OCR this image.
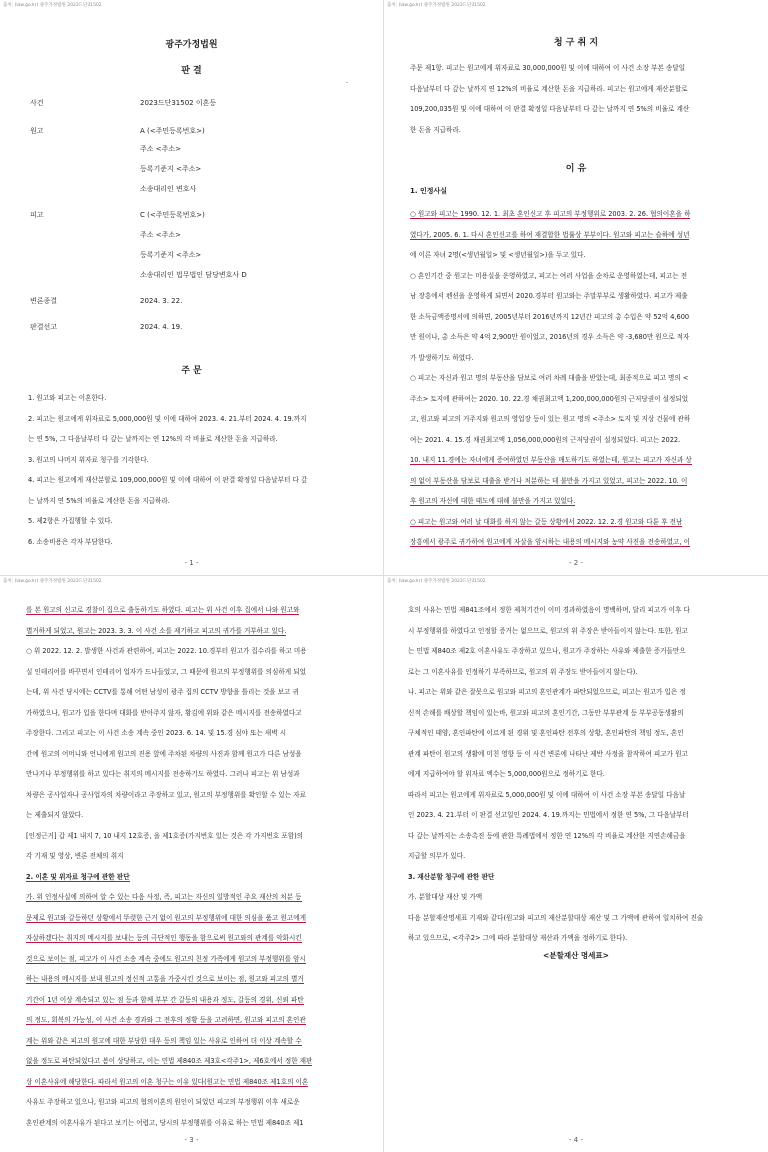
출처: (law.go.kr) 광주가정법원 2023드단31502
광주가정법원
판 결
.
사건	2023드단31502 이혼등
원고	A (<주민등록번호>)
주소 <주소>
등록기준지 <주소>
소송대리인 변호사
피고	C (<주민등록번호>)
주소 <주소>
등록기준지 <주소>
소송대리인 법무법인 담당변호사 D
변론종결	2024. 3. 22.
판결선고	2024. 4. 19.
주 문
1. 원고와 피고는 이혼한다.
2. 피고는 원고에게 위자료로 5,000,000원 및 이에 대하여 2023. 4. 21.부터 2024. 4. 19.까지
는 연 5%, 그 다음날부터 다 갚는 날까지는 연 12%의 각 비율로 계산한 돈을 지급하라.
3. 원고의 나머지 위자료 청구를 기각한다.
4. 피고는 원고에게 재산분할로 109,000,000원 및 이에 대하여 이 판결 확정일 다음날부터 다 갚
는 날까지 연 5%의 비율로 계산한 돈을 지급하라.
5. 제2항은 가집행할 수 있다.
6. 소송비용은 각자 부담한다.
- 1 -
출처: (law.go.kr) 광주가정법원 2023드단31502
청 구 취 지
주문 제1항. 피고는 원고에게 위자료로 30,000,000원 및 이에 대하여 이 사건 소장 부본 송달일
다음날부터 다 갚는 날까지 연 12%의 비율로 계산한 돈을 지급하라. 피고는 원고에게 재산분할로
109,200,035원 및 이에 대하여 이 판결 확정일 다음날부터 다 갚는 날까지 연 5%의 비율로 계산
한 돈을 지급하라.
이 유
1. 인정사실
○ 원고와 피고는 1990. 12. 1. 최초 혼인신고 후 피고의 부정행위로 2003. 2. 26. 협의이혼을 하
였다가, 2005. 6. 1. 다시 혼인신고를 하여 재결합한 법률상 부부이다. 원고와 피고는 슬하에 성년
에 이른 자녀 2명(<생년월일> 및 <생년월일>)을 두고 있다.
○ 혼인기간 중 원고는 미용실을 운영하였고, 피고는 여러 사업을 순차로 운영하였는데, 피고는 전
남 장흥에서 펜션을 운영하게 되면서 2020.경부터 원고와는 주말부부로 생활하였다. 피고가 제출
한 소득금액증명서에 의하면, 2005년부터 2016년까지 12년간 피고의 총 수입은 약 52억 4,600
만 원이나, 총 소득은 약 4억 2,900만 원이었고, 2016년의 경우 소득은 약 -3,680만 원으로 적자
가 발생하기도 하였다.
○ 피고는 자신과 원고 명의 부동산을 담보로 여러 차례 대출을 받았는데, 최종적으로 피고 명의 <
주소> 토지에 관하여는 2020. 10. 22.경 채권최고액 1,200,000,000원의 근저당권이 설정되었
고, 원고와 피고의 거주지와 원고의 영업장 등이 있는 원고 명의 <주소> 토지 및 지상 건물에 관하
여는 2021. 4. 15.경 채권최고액 1,056,000,000원의 근저당권이 설정되었다. 피고는 2022.
10. 내지 11.경에는 자녀에게 증여하였던 부동산을 매도하기도 하였는데, 원고는 피고가 자신과 상
의 없이 부동산을 담보로 대출을 받거나 처분하는 데 불만을 가지고 있었고, 피고는 2022. 10. 이
후 원고의 자신에 대한 태도에 대해 불만을 가지고 있었다.
○ 피고는 원고와 여러 날 대화를 하지 않는 갈등 상황에서 2022. 12. 2.경 원고와 다툰 후 전남
장흥에서 광주로 귀가하여 원고에게 자살을 암시하는 내용의 메시지와 농약 사진을 전송하였고, 이
- 2 -
출처: (law.go.kr) 광주가정법원 2023드단31502
를 본 원고의 신고로 경찰이 집으로 출동하기도 하였다. 피고는 위 사건 이후 집에서 나와 원고와
별거하게 되었고, 원고는 2023. 3. 3. 이 사건 소를 제기하고 피고의 귀가를 거부하고 있다.
○ 위 2022. 12. 2. 발생한 사건과 관련하여, 피고는 2022. 10.경부터 원고가 집수리를 하고 미용
실 인테리어를 바꾸면서 인테리어 업자가 드나들었고, 그 때문에 원고의 부정행위를 의심하게 되었
는데, 위 사건 당시에는 CCTV를 통해 어떤 남성이 광주 집의 CCTV 방향을 틀리는 것을 보고 귀
가하였으나, 원고가 입을 한다며 대화를 받아주지 않자, 황김에 위와 같은 메시지를 전송하였다고
주장한다. 그리고 피고는 이 사건 소송 계속 중인 2023. 6. 14. 및 15.경 심야 또는 새벽 시
간에 원고의 어머니와 언니에게 원고의 진용 앞에 주차된 차량의 사진과 함께 원고가 다른 남성을
만나거나 부정행위를 하고 있다는 취지의 메시지를 전송하기도 하였다. 그러나 피고는 위 남성과
차량은 공사업자나 공사업자의 차량이라고 주장하고 있고, 원고의 부정행위를 확인할 수 있는 자료
는 제출되지 않았다.
[인정근거] 갑 제1 내지 7, 10 내지 12호증, 을 제1호증(가지번호 있는 것은 각 가지번호 포함)의
각 기재 및 영상, 변론 전체의 취지
2. 이혼 및 위자료 청구에 관한 판단
가. 위 인정사실에 의하여 알 수 있는 다음 사정, 즉, 피고는 자신의 일방적인 주요 재산의 처분 등
문제로 원고와 갈등하던 상황에서 뚜렷한 근거 없이 원고의 부정행위에 대한 의심을 품고 원고에게
자살하겠다는 취지의 메시지를 보내는 등의 극단적인 행동을 함으로써 원고와의 관계를 악화시킨
것으로 보이는 점, 피고가 이 사건 소송 계속 중에도 원고의 친정 가족에게 원고의 부정행위를 암시
하는 내용의 메시지를 보내 원고의 정신적 고통을 가중시킨 것으로 보이는 점, 원고와 피고의 별거
기간이 1년 이상 계속되고 있는 점 등과 함께 부부 간 갈등의 내용과 정도, 갈등의 경위, 신뢰 파탄
의 정도, 회복의 가능성, 이 사건 소송 경과와 그 전후의 정황 등을 고려하면, 원고와 피고의 혼인관
계는 위와 같은 피고의 원고에 대한 부당한 대우 등의 책임 있는 사유로 인하여 더 이상 계속할 수
없을 정도로 파탄되었다고 봄이 상당하고, 이는 민법 제840조 제3호<각주1>, 제6호에서 정한 재판
상 이혼사유에 해당한다. 따라서 원고의 이혼 청구는 이유 있다(원고는 민법 제840조 제1호의 이혼
사유도 주장하고 있으나, 원고와 피고의 협의이혼의 원인이 되었던 피고의 부정행위 이후 새로운
혼인관계의 이혼사유가 된다고 보기는 어렵고, 당시의 부정행위를 이유로 하는 민법 제840조 제1
- 3 -
출처: (law.go.kr) 광주가정법원 2023드단31502
호의 사유는 민법 제841조에서 정한 제척기간이 이미 경과하였음이 명백하며, 달리 피고가 이후 다
시 부정행위를 하였다고 인정할 증거는 없으므로, 원고의 위 주장은 받아들이지 않는다. 또한, 원고
는 민법 제840조 제2호 이혼사유도 주장하고 있으나, 원고가 주장하는 사유와 제출한 증거들만으
로는 그 이혼사유를 인정하기 부족하므로, 원고의 위 주장도 받아들이지 않는다).
나. 피고는 위와 같은 잘못으로 원고와 피고의 혼인관계가 파탄되었으므로, 피고는 원고가 입은 정
신적 손해를 배상할 책임이 있는바, 원고와 피고의 혼인기간, 그동안 부부관계 등 부부공동생활의
구체적인 태양, 혼인파탄에 이르게 된 경위 및 혼인파탄 전후의 상황, 혼인파탄의 책임 정도, 혼인
관계 파탄이 원고의 생활에 미친 영향 등 이 사건 변론에 나타난 제반 사정을 참작하여 피고가 원고
에게 지급하여야 할 위자료 액수는 5,000,000원으로 정하기로 한다.
따라서 피고는 원고에게 위자료로 5,000,000원 및 이에 대하여 이 사건 소장 부본 송달일 다음날
인 2023. 4. 21.부터 이 판결 선고일인 2024. 4. 19.까지는 민법에서 정한 연 5%, 그 다음날부터
다 갚는 날까지는 소송촉진 등에 관한 특례법에서 정한 연 12%의 각 비율로 계산한 지연손해금을
지급할 의무가 있다.
3. 재산분할 청구에 관한 판단
가. 분할대상 재산 및 가액
다음 분할재산명세표 기재와 같다(원고와 피고의 재산분할대상 재산 및 그 가액에 관하여 일치하여 진술
하고 있으므로, <각주2> 그에 따라 분할대상 재산과 가액을 정하기로 한다).
<분할재산 명세표>
- 4 -
